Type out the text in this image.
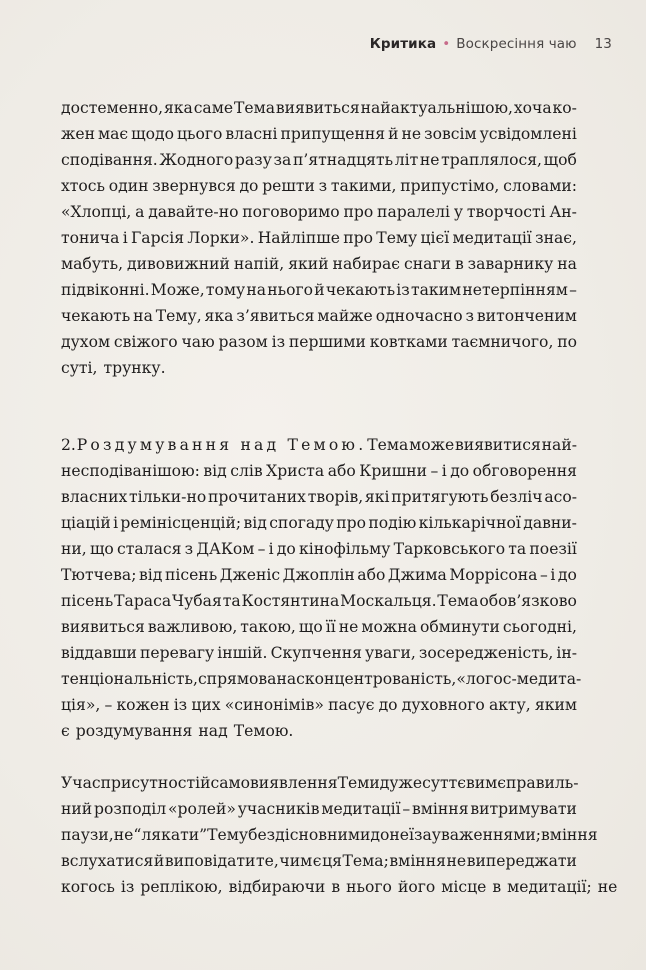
Критика • Воскресіння чаю 13
достеменно, яка саме Тема виявиться найактуальнішою, хоча ко-
жен має щодо цього власні припущення й не зовсім усвідомлені
сподівання. Жодного разу за п’ятнадцять літ не траплялося, щоб
хтось один звернувся до решти з такими, припустімо, словами:
«Хлопці, а давайте-но поговоримо про паралелі у творчості Ан-
тонича і Гарсія Лорки». Найліпше про Тему цієї медитації знає,
мабуть, дивовижний напій, який набирає снаги в заварнику на
підвіконні. Може, тому на нього й чекають із таким нетерпінням –
чекають на Тему, яка з’явиться майже одночасно з витонченим
духом свіжого чаю разом із першими ковтками таємничого, по
суті, трунку.
2. Роздумування над Темою. Тема може виявитися най-
несподіванішою: від слів Христа або Кришни – і до обговорення
власних тільки-но прочитаних творів, які притягують безліч асо-
ціацій і ремінісценцій; від спогаду про подію кількарічної давни-
ни, що сталася з ДАКом – і до кінофільму Тарковського та поезії
Тютчева; від пісень Дженіс Джоплін або Джима Моррісона – і до
пісень Тараса Чубая та Костянтина Москальця. Тема обов’язково
виявиться важливою, такою, що її не можна обминути сьогодні,
віддавши перевагу іншій. Скупчення уваги, зосередженість, ін-
тенціональність, спрямована сконцентрованість, «логос-медита-
ція», – кожен із цих «синонімів» пасує до духовного акту, яким
є роздумування над Темою.
У час присутності й самовиявлення Теми дуже суттєвим є правиль-
ний розподіл «ролей» учасників медитації – вміння витримувати
паузи, не “лякати” Тему бездісновними до неї зауваженнями; вміння
вслухатися й виповідати те, чим є ця Тема; вміння не випереджати
когось із реплікою, відбираючи в нього його місце в медитації; не
